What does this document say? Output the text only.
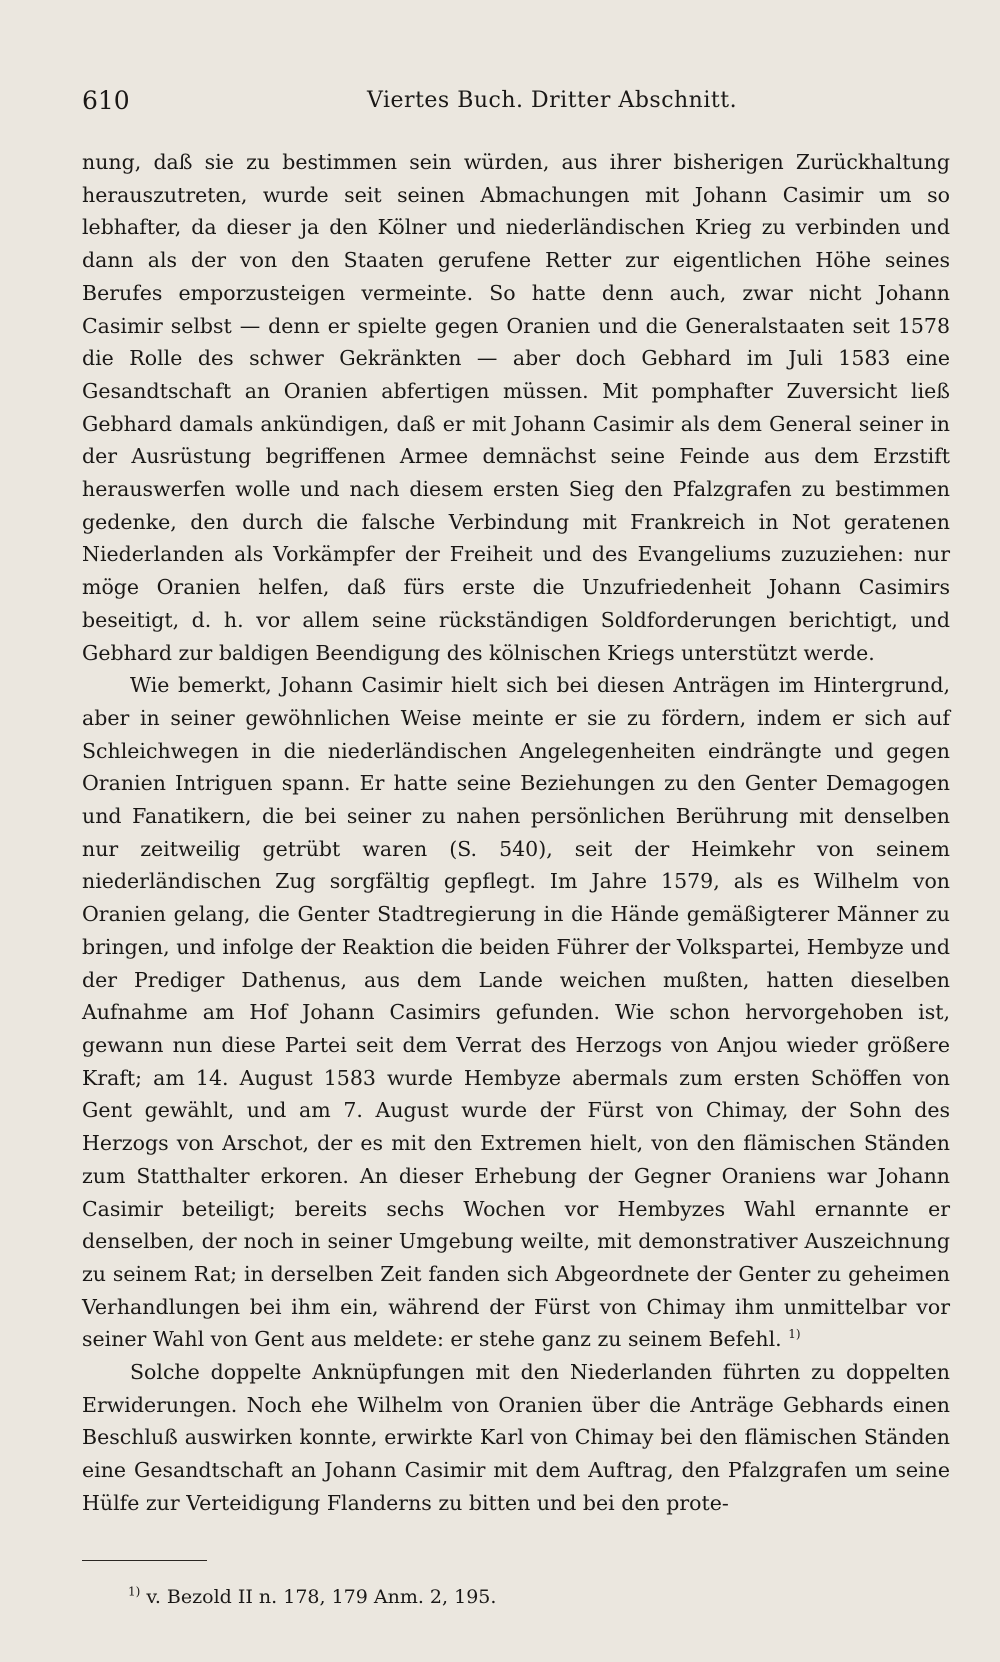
610	Viertes Buch. Dritter Abschnitt.

nung, daß sie zu bestimmen sein würden, aus ihrer bisherigen Zurückhaltung herauszutreten, wurde seit seinen Abmachungen mit Johann Casimir um so lebhafter, da dieser ja den Kölner und niederländischen Krieg zu verbinden und dann als der von den Staaten gerufene Retter zur eigentlichen Höhe seines Berufes emporzusteigen vermeinte. So hatte denn auch, zwar nicht Johann Casimir selbst — denn er spielte gegen Oranien und die Generalstaaten seit 1578 die Rolle des schwer Gekränkten — aber doch Gebhard im Juli 1583 eine Gesandtschaft an Oranien abfertigen müssen. Mit pomphafter Zuversicht ließ Gebhard damals ankündigen, daß er mit Johann Casimir als dem General seiner in der Ausrüstung begriffenen Armee demnächst seine Feinde aus dem Erzstift herauswerfen wolle und nach diesem ersten Sieg den Pfalzgrafen zu bestimmen gedenke, den durch die falsche Verbindung mit Frankreich in Not geratenen Niederlanden als Vorkämpfer der Freiheit und des Evangeliums zuzuziehen: nur möge Oranien helfen, daß fürs erste die Unzufriedenheit Johann Casimirs beseitigt, d. h. vor allem seine rückständigen Soldforderungen berichtigt, und Gebhard zur baldigen Beendigung des kölnischen Kriegs unterstützt werde.

Wie bemerkt, Johann Casimir hielt sich bei diesen Anträgen im Hintergrund, aber in seiner gewöhnlichen Weise meinte er sie zu fördern, indem er sich auf Schleichwegen in die niederländischen Angelegenheiten eindrängte und gegen Oranien Intriguen spann. Er hatte seine Beziehungen zu den Genter Demagogen und Fanatikern, die bei seiner zu nahen persönlichen Berührung mit denselben nur zeitweilig getrübt waren (S. 540), seit der Heimkehr von seinem niederländischen Zug sorgfältig gepflegt. Im Jahre 1579, als es Wilhelm von Oranien gelang, die Genter Stadtregierung in die Hände gemäßigterer Männer zu bringen, und infolge der Reaktion die beiden Führer der Volkspartei, Hembyze und der Prediger Dathenus, aus dem Lande weichen mußten, hatten dieselben Aufnahme am Hof Johann Casimirs gefunden. Wie schon hervorgehoben ist, gewann nun diese Partei seit dem Verrat des Herzogs von Anjou wieder größere Kraft; am 14. August 1583 wurde Hembyze abermals zum ersten Schöffen von Gent gewählt, und am 7. August wurde der Fürst von Chimay, der Sohn des Herzogs von Arschot, der es mit den Extremen hielt, von den flämischen Ständen zum Statthalter erkoren. An dieser Erhebung der Gegner Oraniens war Johann Casimir beteiligt; bereits sechs Wochen vor Hembyzes Wahl ernannte er denselben, der noch in seiner Umgebung weilte, mit demonstrativer Auszeichnung zu seinem Rat; in derselben Zeit fanden sich Abgeordnete der Genter zu geheimen Verhandlungen bei ihm ein, während der Fürst von Chimay ihm unmittelbar vor seiner Wahl von Gent aus meldete: er stehe ganz zu seinem Befehl. $^{1)}$

Solche doppelte Anknüpfungen mit den Niederlanden führten zu doppelten Erwiderungen. Noch ehe Wilhelm von Oranien über die Anträge Gebhards einen Beschluß auswirken konnte, erwirkte Karl von Chimay bei den flämischen Ständen eine Gesandtschaft an Johann Casimir mit dem Auftrag, den Pfalzgrafen um seine Hülfe zur Verteidigung Flanderns zu bitten und bei den prote-

$^{1)}$ v. Bezold II n. 178, 179 Anm. 2, 195.
